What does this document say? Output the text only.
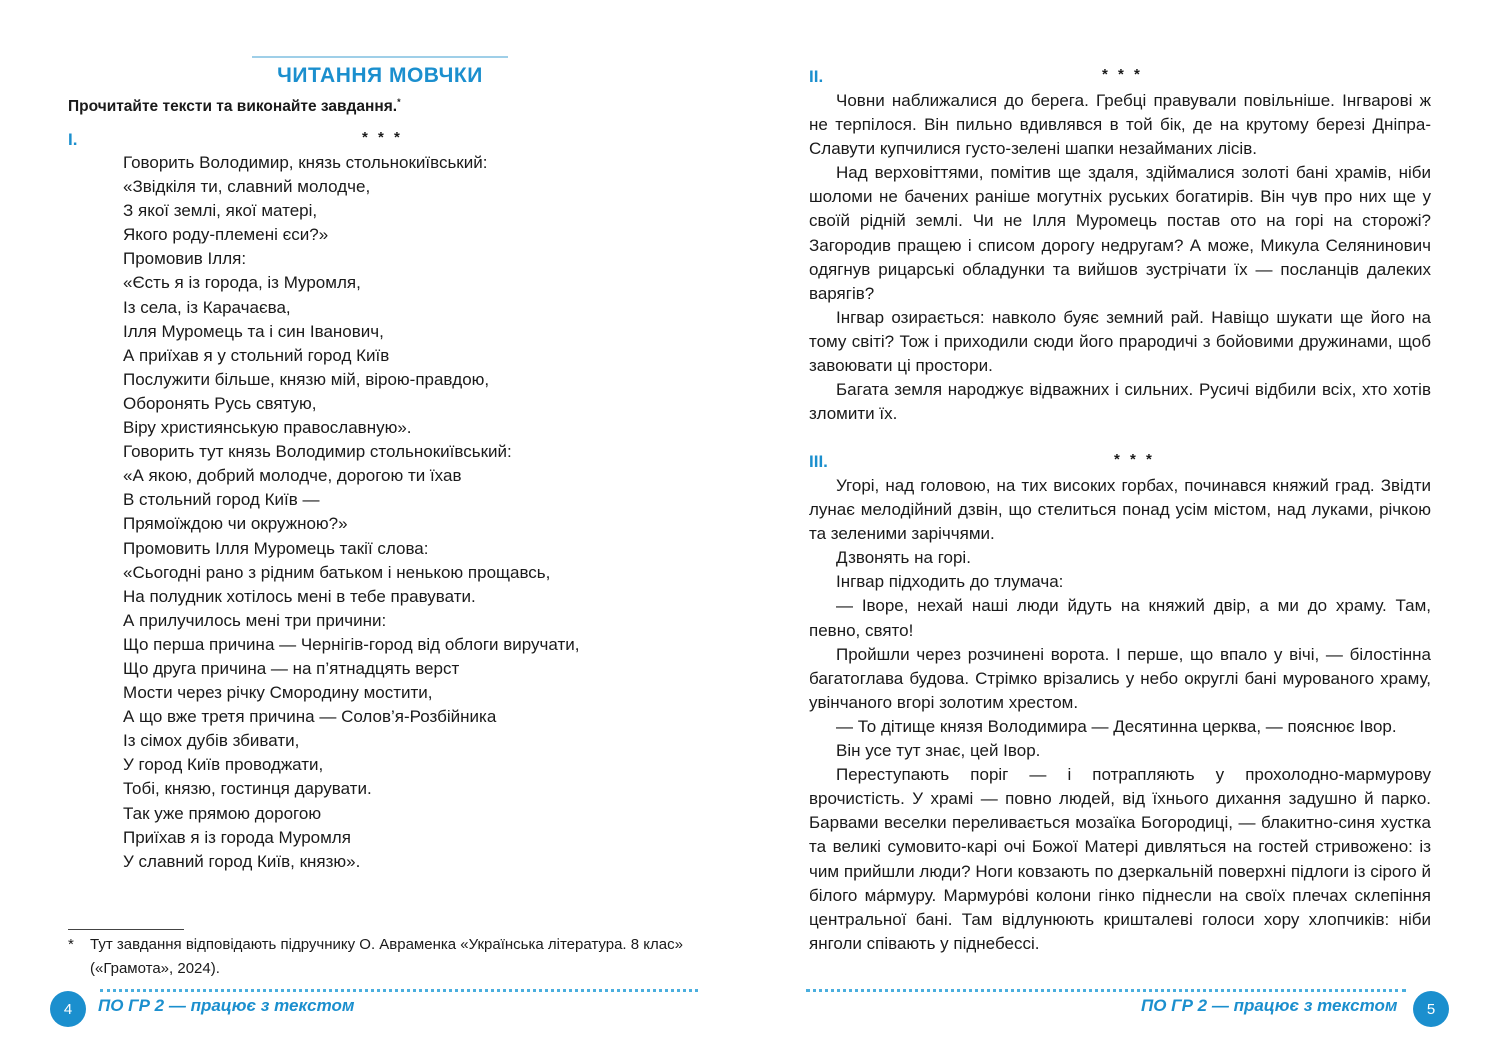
ЧИТАННЯ МОВЧКИ
Прочитайте тексти та виконайте завдання.*
I.	* * *
Говорить Володимир, князь стольнокиївський:
«Звідкіля ти, славний молодче,
З якої землі, якої матері,
Якого роду-племені єси?»
Промовив Ілля:
«Єсть я із города, із Муромля,
Із села, із Карачаєва,
Ілля Муромець та і син Іванович,
А приїхав я у стольний город Київ
Послужити більше, князю мій, вірою-правдою,
Оборонять Русь святую,
Віру християнськую православную».
Говорить тут князь Володимир стольнокиївський:
«А якою, добрий молодче, дорогою ти їхав
В стольний город Київ —
Прямоїждою чи окружною?»
Промовить Ілля Муромець такії слова:
«Сьогодні рано з рідним батьком і ненькою прощавсь,
На полудник хотілось мені в тебе правувати.
А прилучилось мені три причини:
Що перша причина — Чернігів-город від облоги виручати,
Що друга причина — на п’ятнадцять верст
Мости через річку Смородину мостити,
А що вже третя причина — Солов’я-Розбійника
Із сімох дубів збивати,
У город Київ проводжати,
Тобі, князю, гостинця дарувати.
Так уже прямою дорогою
Приїхав я із города Муромля
У славний город Київ, князю».
*	Тут завдання відповідають підручнику О. Авраменка «Українська література. 8 клас» («Грамота», 2024).
4	ПО ГР 2 — працює з текстом
II.	* * *

Човни наближалися до берега. Гребці правували повільніше. Інгварові ж не терпілося. Він пильно вдивлявся в той бік, де на крутому березі Дніпра-Славути купчилися густо-зелені шапки незайманих лісів.

Над верховіттями, помітив ще здаля, здіймалися золоті бані храмів, ніби шоломи не бачених раніше могутніх руських богатирів. Він чув про них ще у своїй рідній землі. Чи не Ілля Муромець постав ото на горі на сторожі? Загородив пращею і списом дорогу недругам? А може, Микула Селянинович одягнув рицарські обладунки та вийшов зустрічати їх — посланців далеких варягів?

Інгвар озирається: навколо буяє земний рай. Навіщо шукати ще його на тому світі? Тож і приходили сюди його прародичі з бойовими дружинами, щоб завоювати ці простори.

Багата земля народжує відважних і сильних. Русичі відбили всіх, хто хотів зломити їх.

III.	* * *

Угорі, над головою, на тих високих горбах, починався княжий град. Звідти лунає мелодійний дзвін, що стелиться понад усім містом, над луками, річкою та зеленими заріччями.

Дзвонять на горі.

Інгвар підходить до тлумача:

— Іворе, нехай наші люди йдуть на княжий двір, а ми до храму. Там, певно, свято!

Пройшли через розчинені ворота. І перше, що впало у вічі, — білостінна багатоглава будова. Стрімко врізались у небо округлі бані мурованого храму, увінчаного вгорі золотим хрестом.

— То дітище князя Володимира — Десятинна церква, — пояснює Івор.

Він усе тут знає, цей Івор.

Переступають поріг — і потрапляють у прохолодно-мармурову врочистість. У храмі — повно людей, від їхнього дихання задушно й парко. Барвами веселки переливається мозаїка Богородиці, — блакитно-синя хустка та великі сумовито-карі очі Божої Матері дивляться на гостей стривожено: із чим прийшли люди? Ноги ковзають по дзеркальній поверхні підлоги із сірого й білого ма́рмуру. Мармуро́ві колони гінко піднесли на своїх плечах склепіння центральної бані. Там відлунюють кришталеві голоси хору хлопчиків: ніби янголи співають у піднебессі.

ПО ГР 2 — працює з текстом	5
